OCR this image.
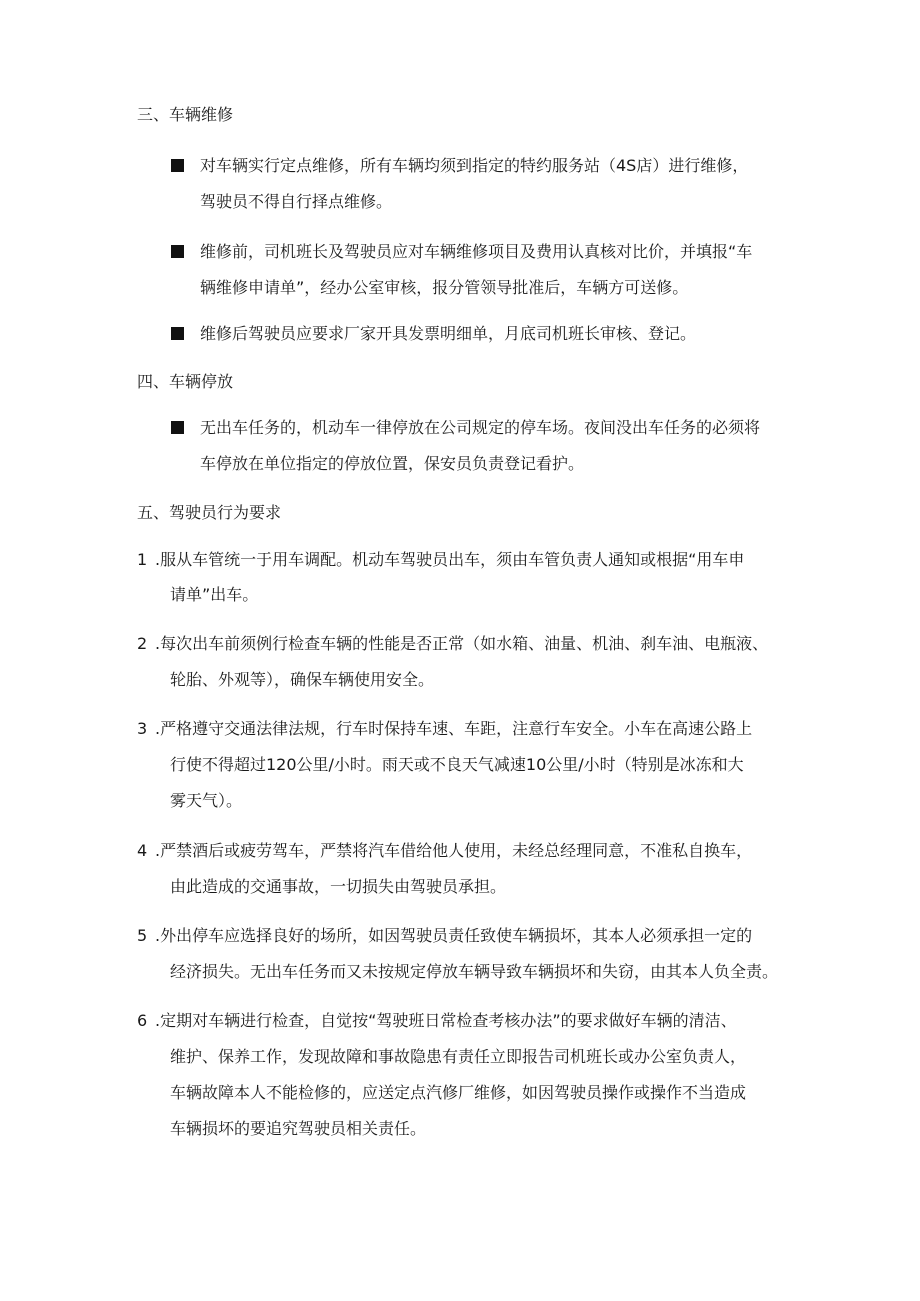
三、车辆维修
对车辆实行定点维修，所有车辆均须到指定的特约服务站（4S店）进行维修，
驾驶员不得自行择点维修。
维修前，司机班长及驾驶员应对车辆维修项目及费用认真核对比价，并填报“车
辆维修申请单”，经办公室审核，报分管领导批准后，车辆方可送修。
维修后驾驶员应要求厂家开具发票明细单，月底司机班长审核、登记。
四、车辆停放
无出车任务的，机动车一律停放在公司规定的停车场。夜间没出车任务的必须将
车停放在单位指定的停放位置，保安员负责登记看护。
五、驾驶员行为要求
1 .服从车管统一于用车调配。机动车驾驶员出车，须由车管负责人通知或根据“用车申
请单”出车。
2 .每次出车前须例行检查车辆的性能是否正常（如水箱、油量、机油、刹车油、电瓶液、
轮胎、外观等），确保车辆使用安全。
3 .严格遵守交通法律法规，行车时保持车速、车距，注意行车安全。小车在高速公路上
行使不得超过120公里/小时。雨天或不良天气减速10公里/小时（特别是冰冻和大
雾天气）。
4 .严禁酒后或疲劳驾车，严禁将汽车借给他人使用，未经总经理同意，不准私自换车，
由此造成的交通事故，一切损失由驾驶员承担。
5 .外出停车应选择良好的场所，如因驾驶员责任致使车辆损坏，其本人必须承担一定的
经济损失。无出车任务而又未按规定停放车辆导致车辆损坏和失窃，由其本人负全责。
6 .定期对车辆进行检查，自觉按“驾驶班日常检查考核办法”的要求做好车辆的清洁、
维护、保养工作，发现故障和事故隐患有责任立即报告司机班长或办公室负责人，
车辆故障本人不能检修的，应送定点汽修厂维修，如因驾驶员操作或操作不当造成
车辆损坏的要追究驾驶员相关责任。
